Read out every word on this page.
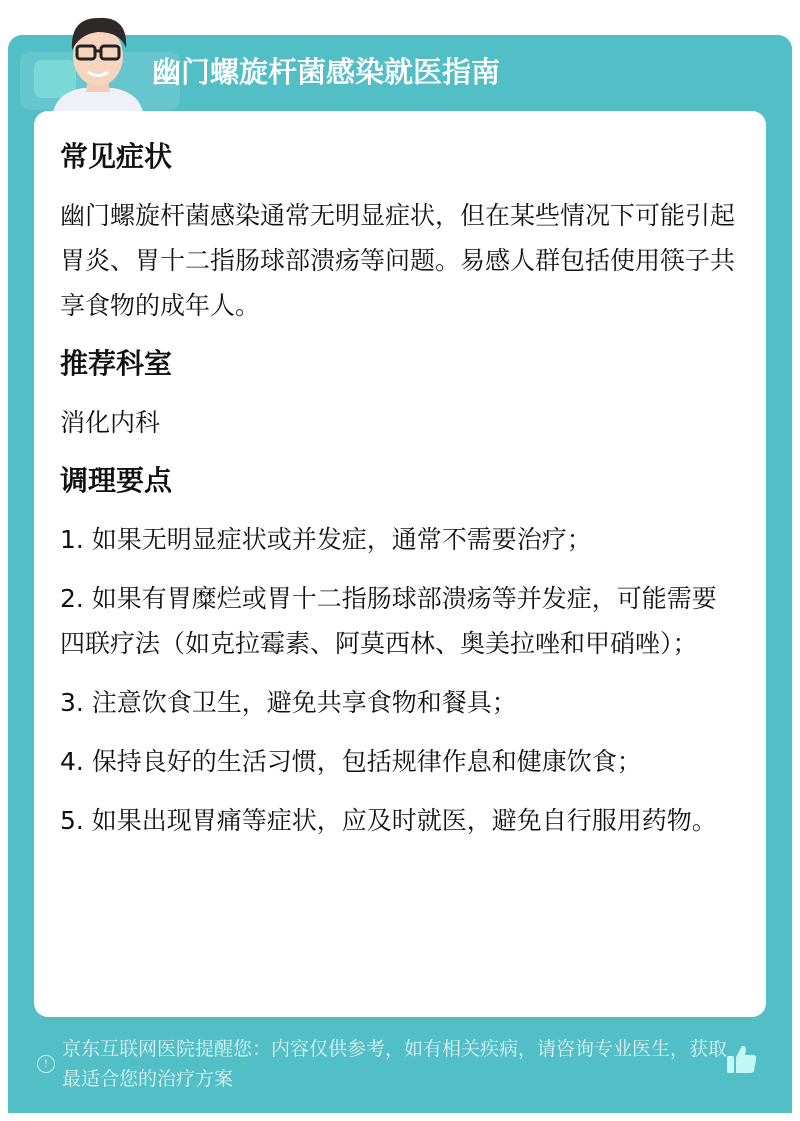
幽门螺旋杆菌感染就医指南
常见症状

幽门螺旋杆菌感染通常无明显症状，但在某些情况下可能引起胃炎、胃十二指肠球部溃疡等问题。易感人群包括使用筷子共享食物的成年人。

推荐科室

消化内科

调理要点

1. 如果无明显症状或并发症，通常不需要治疗；

2. 如果有胃糜烂或胃十二指肠球部溃疡等并发症，可能需要四联疗法（如克拉霉素、阿莫西林、奥美拉唑和甲硝唑）；

3. 注意饮食卫生，避免共享食物和餐具；

4. 保持良好的生活习惯，包括规律作息和健康饮食；

5. 如果出现胃痛等症状，应及时就医，避免自行服用药物。

!
京东互联网医院提醒您：内容仅供参考，如有相关疾病，请咨询专业医生，获取最适合您的治疗方案
